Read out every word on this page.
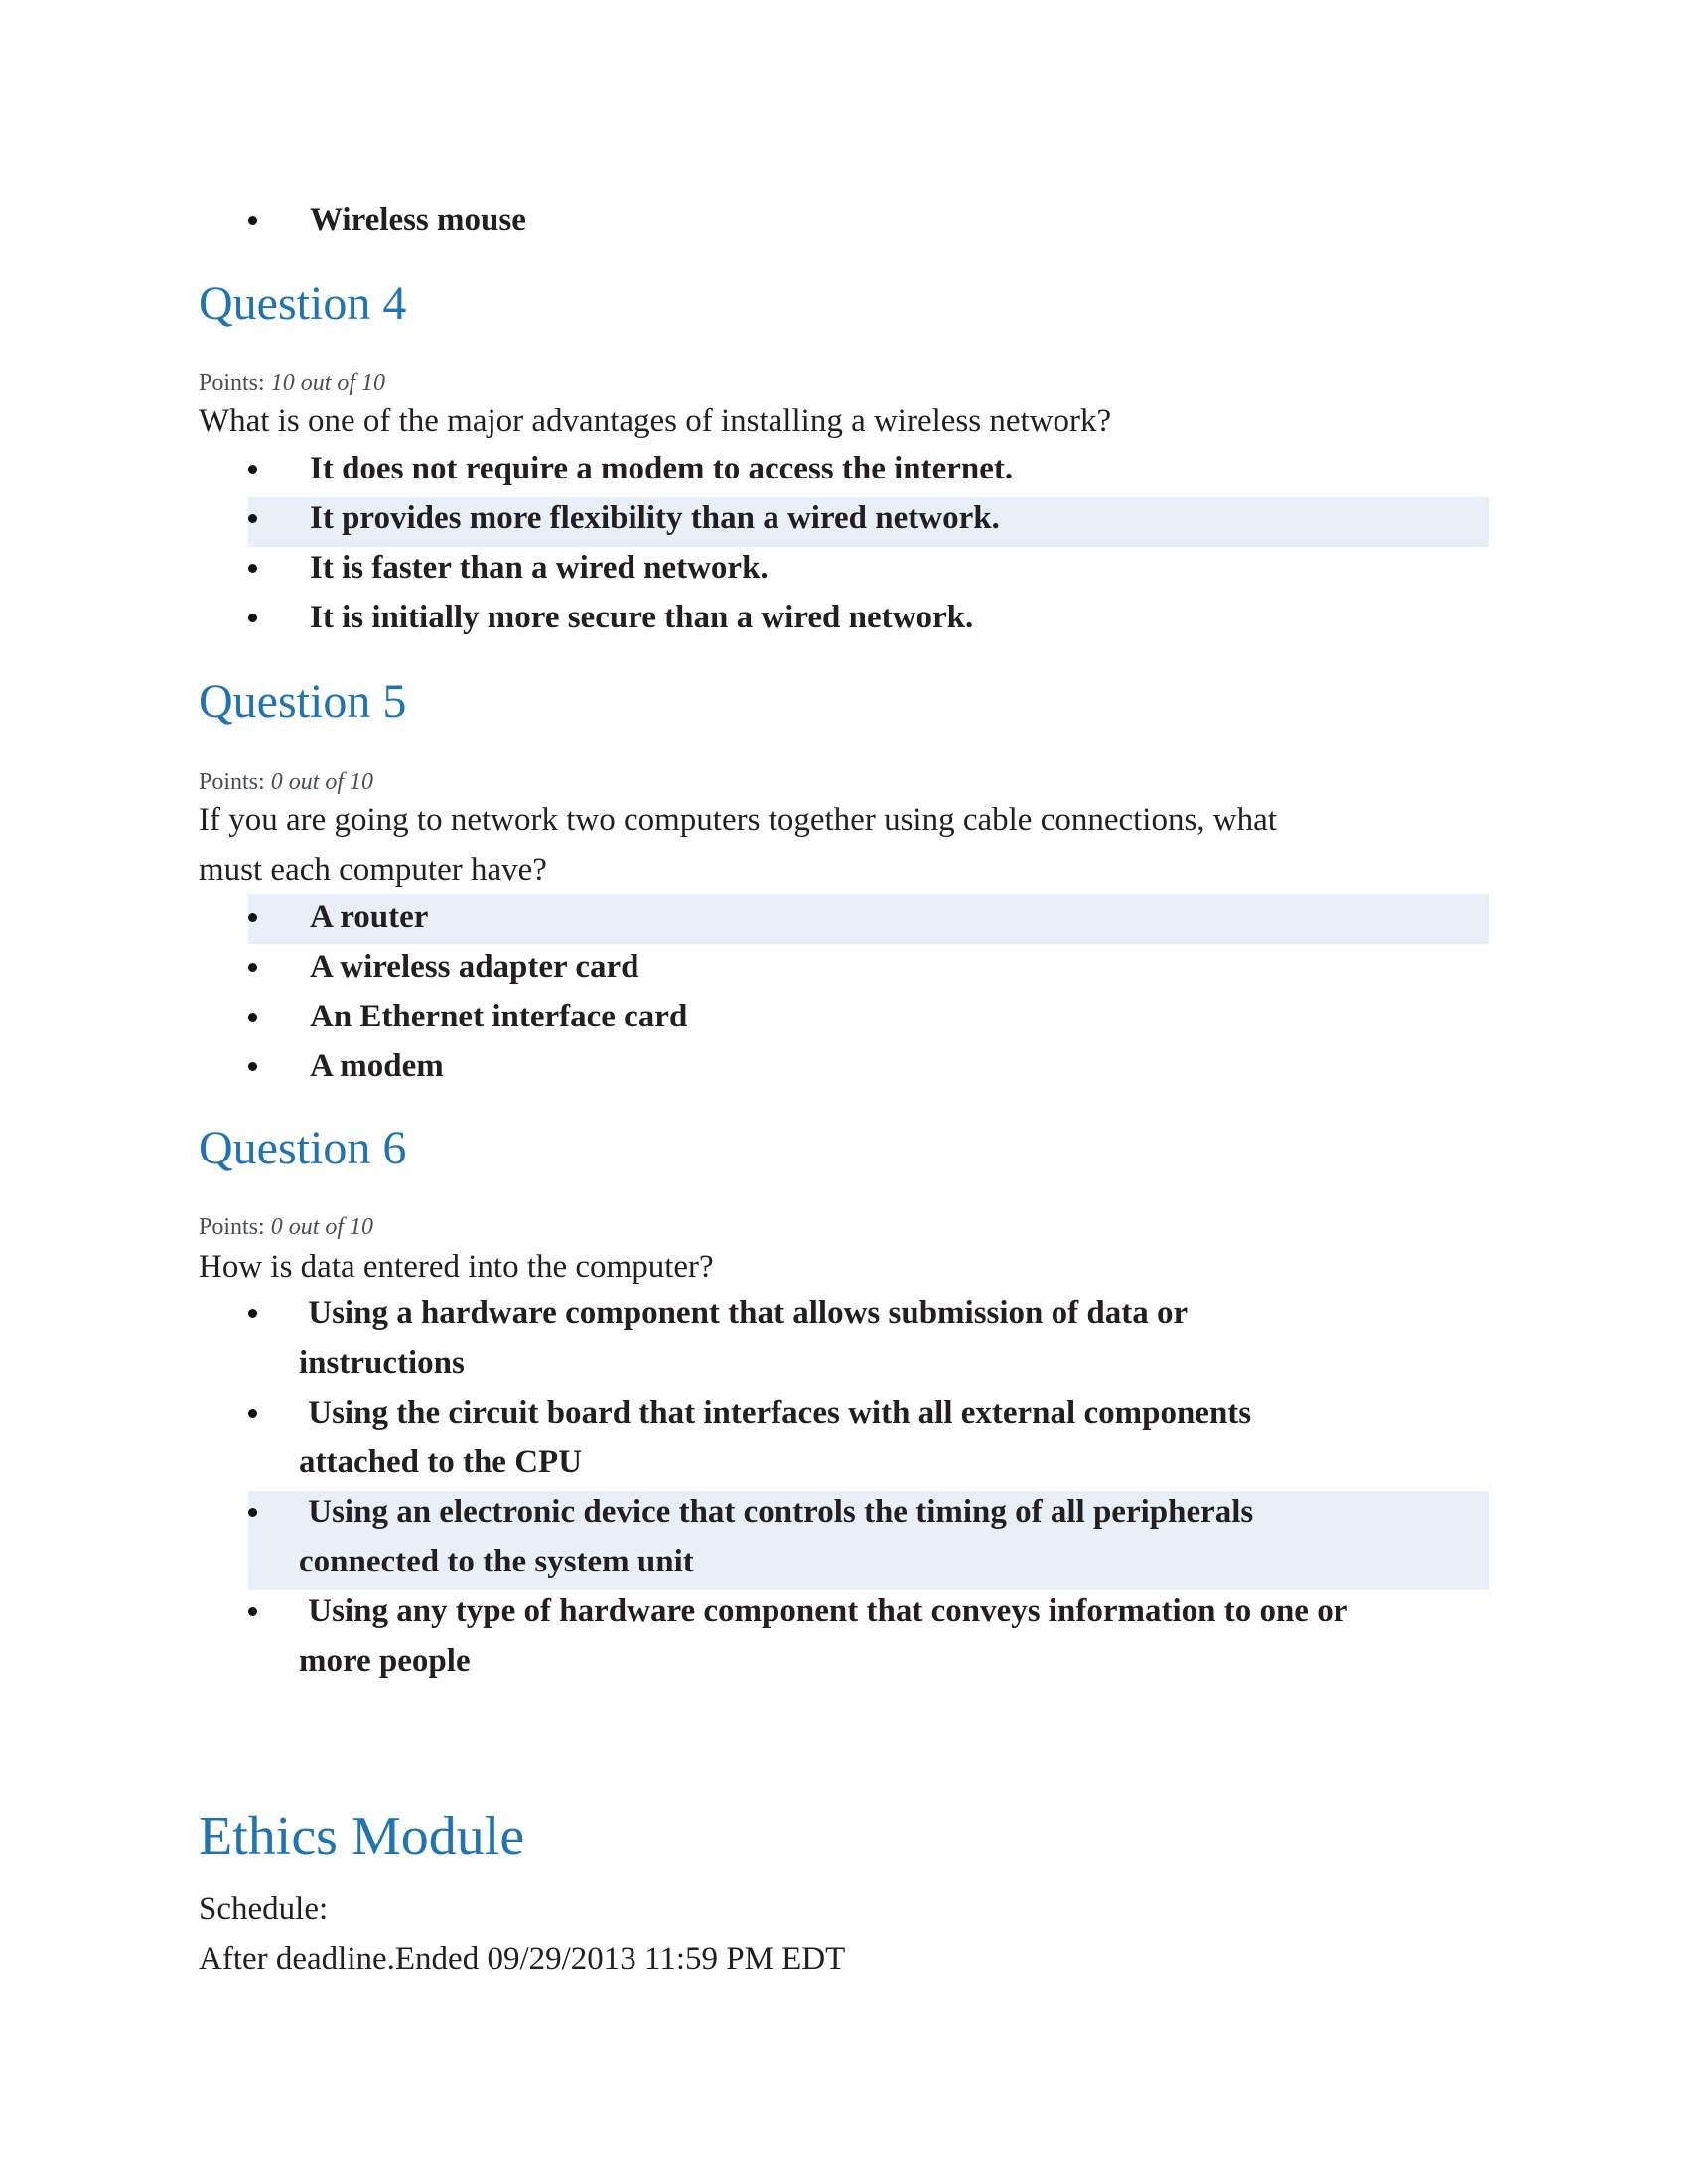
Wireless mouse
Question 4
Points: 10 out of 10
What is one of the major advantages of installing a wireless network?
It does not require a modem to access the internet.
It provides more flexibility than a wired network.
It is faster than a wired network.
It is initially more secure than a wired network.
Question 5
Points: 0 out of 10
If you are going to network two computers together using cable connections, what
must each computer have?
A router
A wireless adapter card
An Ethernet interface card
A modem
Question 6
Points: 0 out of 10
How is data entered into the computer?
Using a hardware component that allows submission of data or
instructions
Using the circuit board that interfaces with all external components
attached to the CPU
Using an electronic device that controls the timing of all peripherals
connected to the system unit
Using any type of hardware component that conveys information to one or
more people
Ethics Module
Schedule:
After deadline.Ended 09/29/2013 11:59 PM EDT
